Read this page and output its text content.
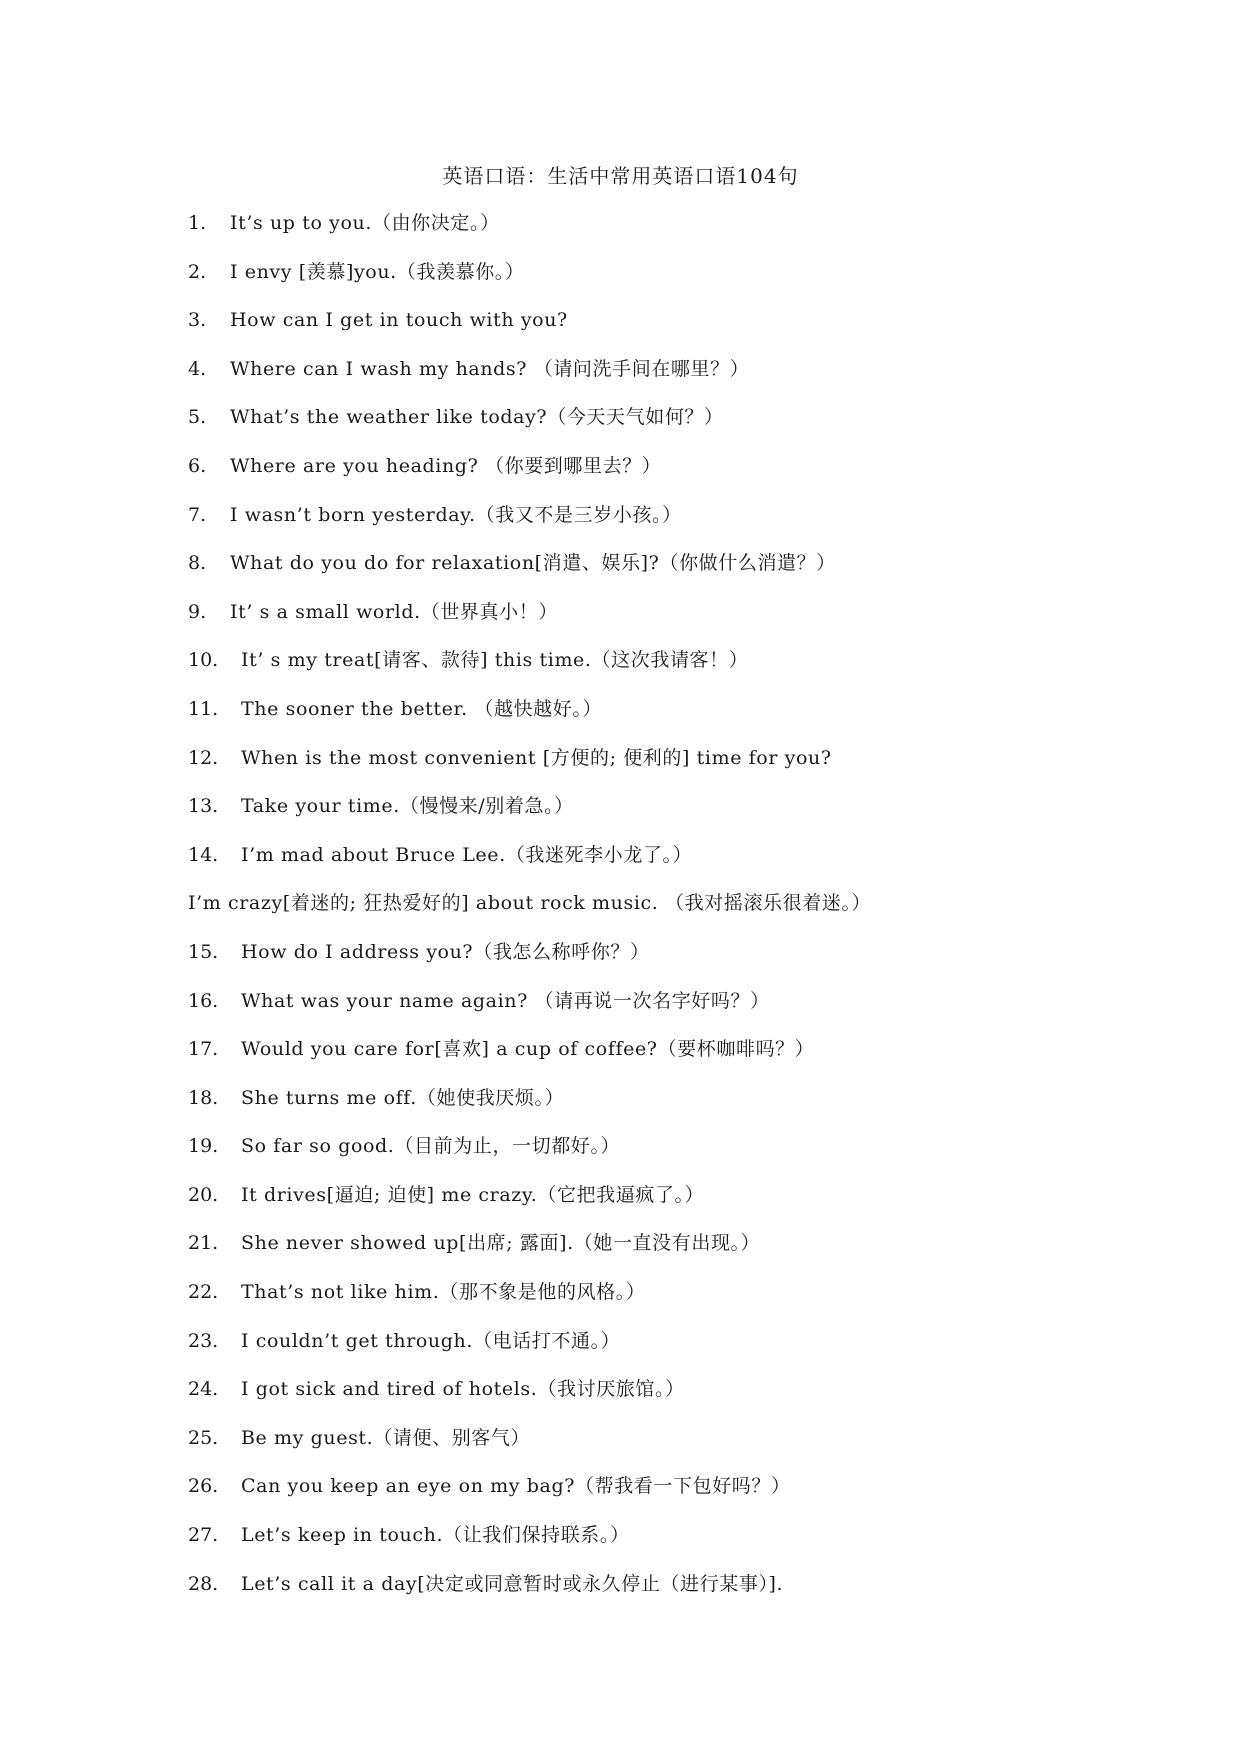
英语口语：生活中常用英语口语104句
1.	It’s up to you.（由你决定。）
2.	I envy [羡慕]you.（我羡慕你。）
3.	How can I get in touch with you?
4.	Where can I wash my hands? （请问洗手间在哪里？）
5.	What’s the weather like today?（今天天气如何？）
6.	Where are you heading? （你要到哪里去？）
7.	I wasn’t born yesterday.（我又不是三岁小孩。）
8.	What do you do for relaxation[消遣、娱乐]?（你做什么消遣？）
9.	It’ s a small world.（世界真小！）
10.	It’ s my treat[请客、款待] this time.（这次我请客！）
11.	The sooner the better. （越快越好。）
12.	When is the most convenient [方便的; 便利的] time for you?
13.	Take your time.（慢慢来/别着急。）
14.	I’m mad about Bruce Lee.（我迷死李小龙了。）
I’m crazy[着迷的; 狂热爱好的] about rock music. （我对摇滚乐很着迷。）
15.	How do I address you?（我怎么称呼你？）
16.	What was your name again? （请再说一次名字好吗？）
17.	Would you care for[喜欢] a cup of coffee?（要杯咖啡吗？）
18.	She turns me off.（她使我厌烦。）
19.	So far so good.（目前为止，一切都好。）
20.	It drives[逼迫; 迫使] me crazy.（它把我逼疯了。）
21.	She never showed up[出席; 露面].（她一直没有出现。）
22.	That’s not like him.（那不象是他的风格。）
23.	I couldn’t get through.（电话打不通。）
24.	I got sick and tired of hotels.（我讨厌旅馆。）
25.	Be my guest.（请便、别客气）
26.	Can you keep an eye on my bag?（帮我看一下包好吗？）
27.	Let’s keep in touch.（让我们保持联系。）
28.	Let’s call it a day[决定或同意暂时或永久停止（进行某事）].
